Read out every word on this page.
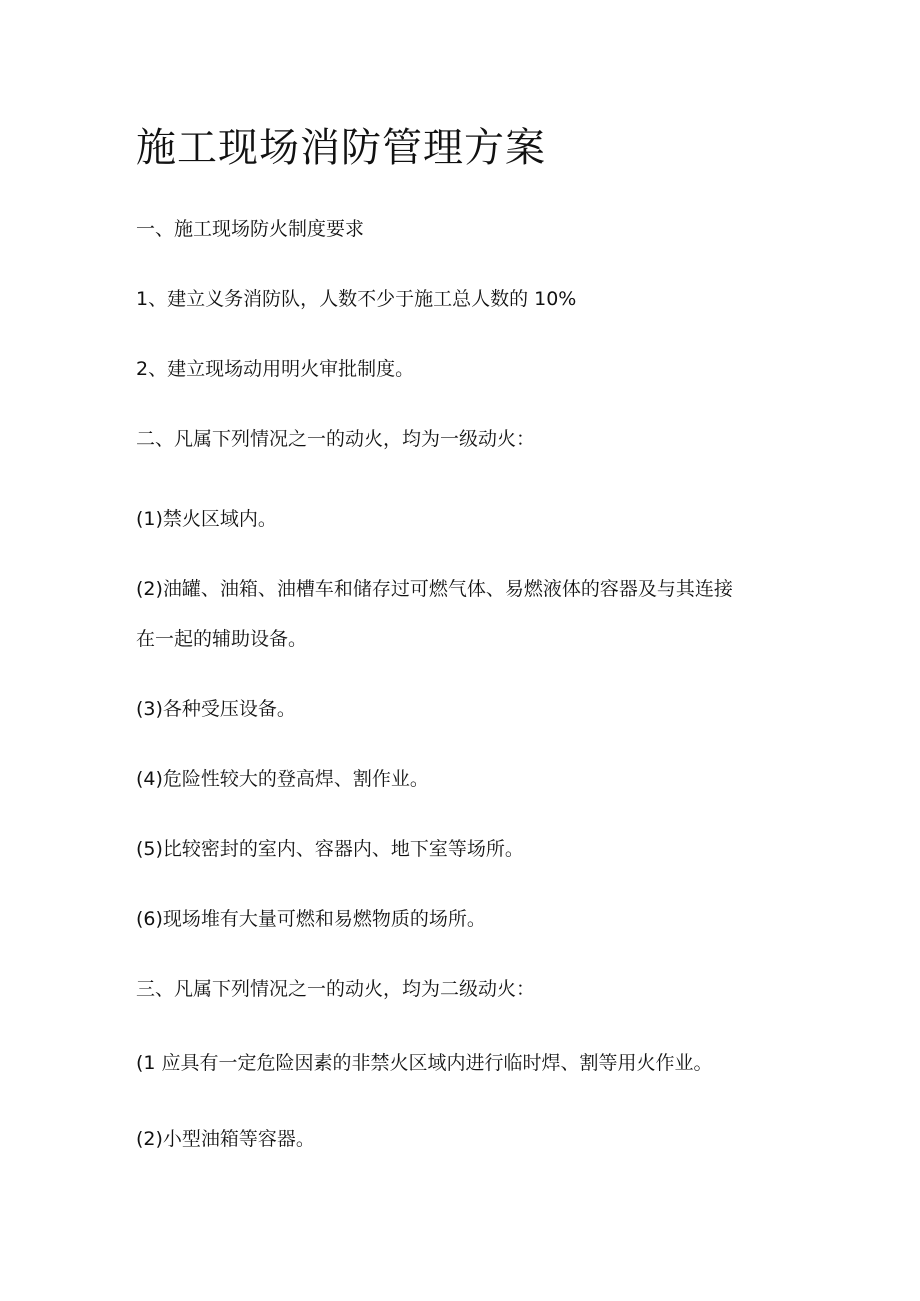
施工现场消防管理方案
一、施工现场防火制度要求
1、建立义务消防队，人数不少于施工总人数的 10%
2、建立现场动用明火审批制度。
二、凡属下列情况之一的动火，均为一级动火：
(1)禁火区域内。
(2)油罐、油箱、油槽车和储存过可燃气体、易燃液体的容器及与其连接
在一起的辅助设备。
(3)各种受压设备。
(4)危险性较大的登高焊、割作业。
(5)比较密封的室内、容器内、地下室等场所。
(6)现场堆有大量可燃和易燃物质的场所。
三、凡属下列情况之一的动火，均为二级动火：
(1 应具有一定危险因素的非禁火区域内进行临时焊、割等用火作业。
(2)小型油箱等容器。
